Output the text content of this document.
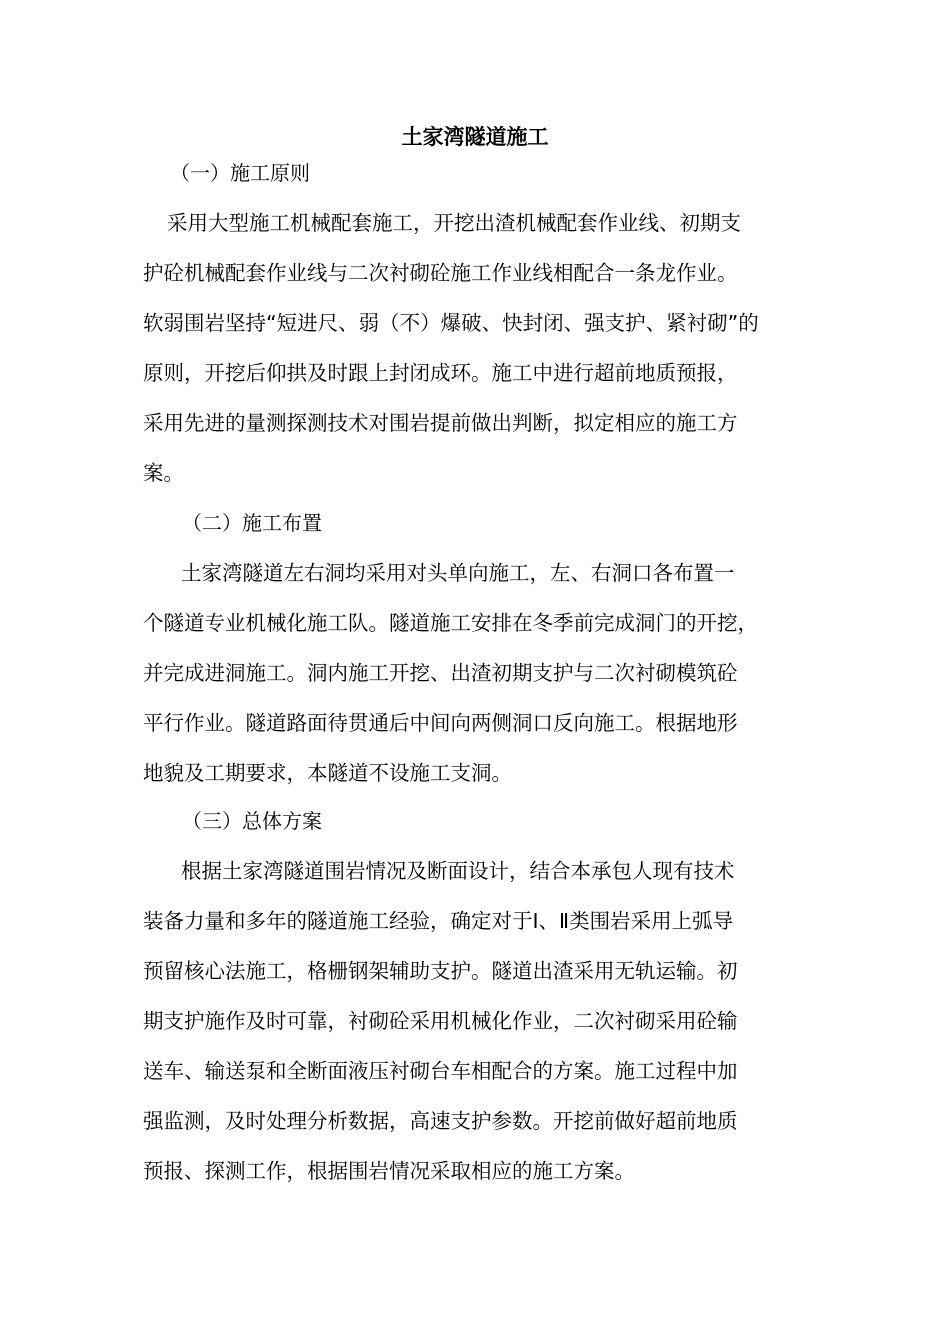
土家湾隧道施工
（一）施工原则
采用大型施工机械配套施工，开挖出渣机械配套作业线、初期支
护砼机械配套作业线与二次衬砌砼施工作业线相配合一条龙作业。
软弱围岩坚持“短进尺、弱（不）爆破、快封闭、强支护、紧衬砌”的
原则，开挖后仰拱及时跟上封闭成环。施工中进行超前地质预报，
采用先进的量测探测技术对围岩提前做出判断，拟定相应的施工方
案。
（二）施工布置
土家湾隧道左右洞均采用对头单向施工，左、右洞口各布置一
个隧道专业机械化施工队。隧道施工安排在冬季前完成洞门的开挖，
并完成进洞施工。洞内施工开挖、出渣初期支护与二次衬砌模筑砼
平行作业。隧道路面待贯通后中间向两侧洞口反向施工。根据地形
地貌及工期要求，本隧道不设施工支洞。
（三）总体方案
根据土家湾隧道围岩情况及断面设计，结合本承包人现有技术
装备力量和多年的隧道施工经验，确定对于I、Ⅱ类围岩采用上弧导
预留核心法施工，格栅钢架辅助支护。隧道出渣采用无轨运输。初
期支护施作及时可靠，衬砌砼采用机械化作业，二次衬砌采用砼输
送车、输送泵和全断面液压衬砌台车相配合的方案。施工过程中加
强监测，及时处理分析数据，高速支护参数。开挖前做好超前地质
预报、探测工作，根据围岩情况采取相应的施工方案。
